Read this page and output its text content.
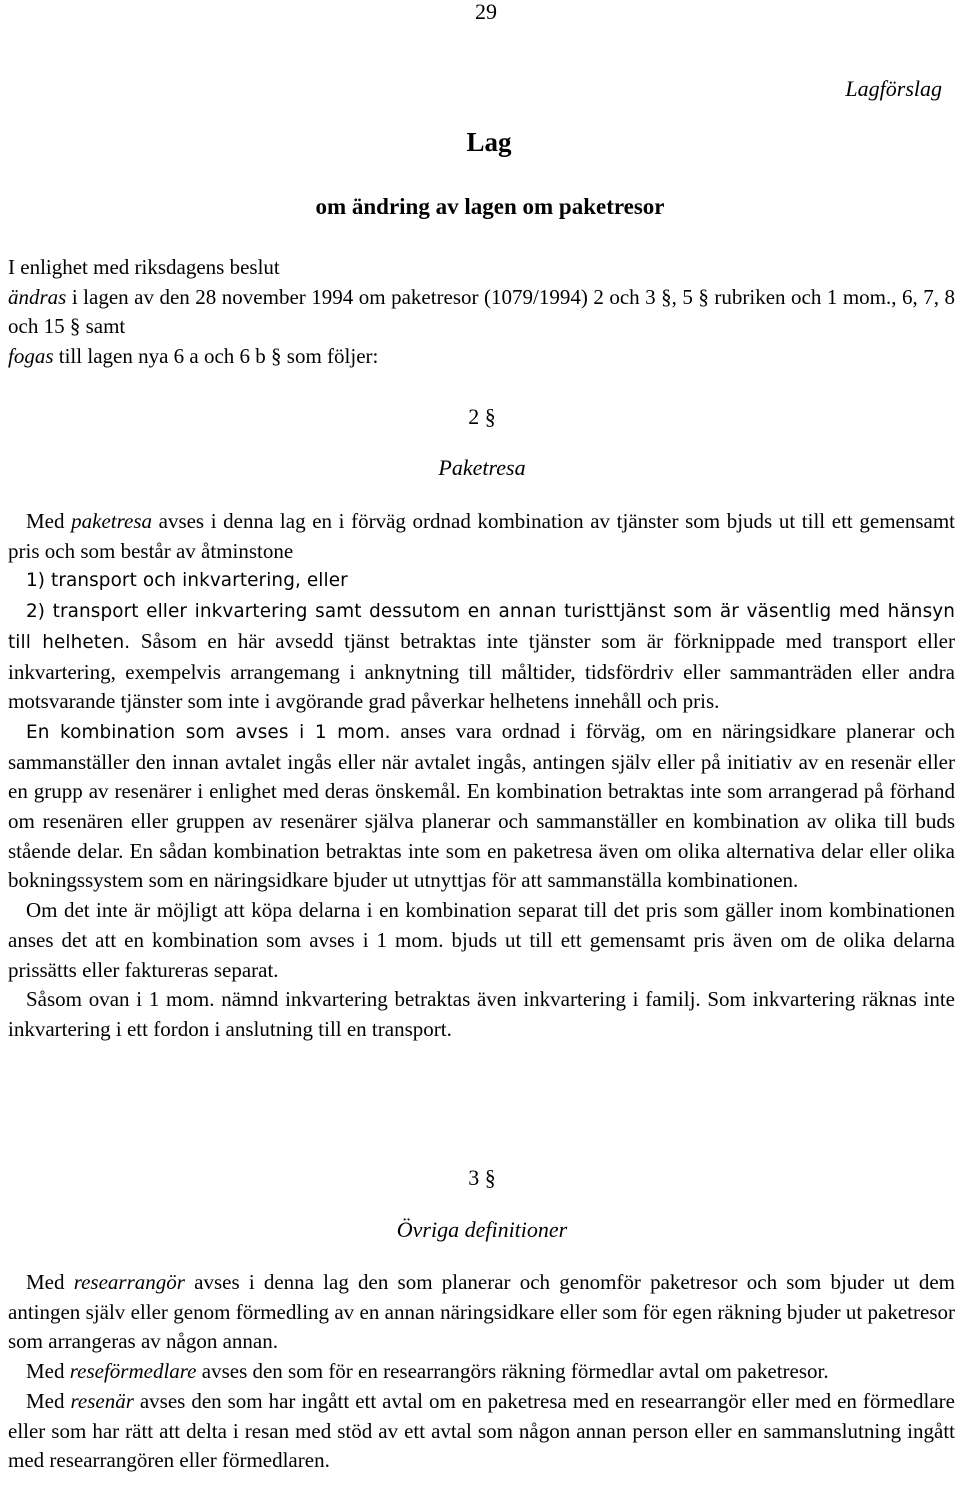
29
Lagförslag
Lag
om ändring av lagen om paketresor

I enlighet med riksdagens beslut

ändras i lagen av den 28 november 1994 om paketresor (1079/1994) 2 och 3 §, 5 § rubriken och 1 mom., 6, 7, 8 och 15 § samt

fogas till lagen nya 6 a och 6 b § som följer:

2 §
Paketresa

Med paketresa avses i denna lag en i förväg ordnad kombination av tjänster som bjuds ut till ett gemensamt pris och som består av åtminstone

1) transport och inkvartering, eller

2) transport eller inkvartering samt dessutom en annan turisttjänst som är väsentlig med hänsyn till helheten. Såsom en här avsedd tjänst betraktas inte tjänster som är förknippade med transport eller inkvartering, exempelvis arrangemang i anknytning till måltider, tidsfördriv eller sammanträden eller andra motsvarande tjänster som inte i avgörande grad påverkar helhetens innehåll och pris.

En kombination som avses i 1 mom. anses vara ordnad i förväg, om en näringsidkare planerar och sammanställer den innan avtalet ingås eller när avtalet ingås, antingen själv eller på initiativ av en resenär eller en grupp av resenärer i enlighet med deras önskemål. En kombination betraktas inte som arrangerad på förhand om resenären eller gruppen av resenärer själva planerar och sammanställer en kombination av olika till buds stående delar. En sådan kombination betraktas inte som en paketresa även om olika alternativa delar eller olika bokningssystem som en näringsidkare bjuder ut utnyttjas för att sammanställa kombinationen.

Om det inte är möjligt att köpa delarna i en kombination separat till det pris som gäller inom kombinationen anses det att en kombination som avses i 1 mom. bjuds ut till ett gemensamt pris även om de olika delarna prissätts eller faktureras separat.

Såsom ovan i 1 mom. nämnd inkvartering betraktas även inkvartering i familj. Som inkvartering räknas inte inkvartering i ett fordon i anslutning till en transport.

3 §
Övriga definitioner

Med researrangör avses i denna lag den som planerar och genomför paketresor och som bjuder ut dem antingen själv eller genom förmedling av en annan näringsidkare eller som för egen räkning bjuder ut paketresor som arrangeras av någon annan.

Med reseförmedlare avses den som för en researrangörs räkning förmedlar avtal om paketresor.

Med resenär avses den som har ingått ett avtal om en paketresa med en researrangör eller med en förmedlare eller som har rätt att delta i resan med stöd av ett avtal som någon annan person eller en sammanslutning ingått med researrangören eller förmedlaren.
